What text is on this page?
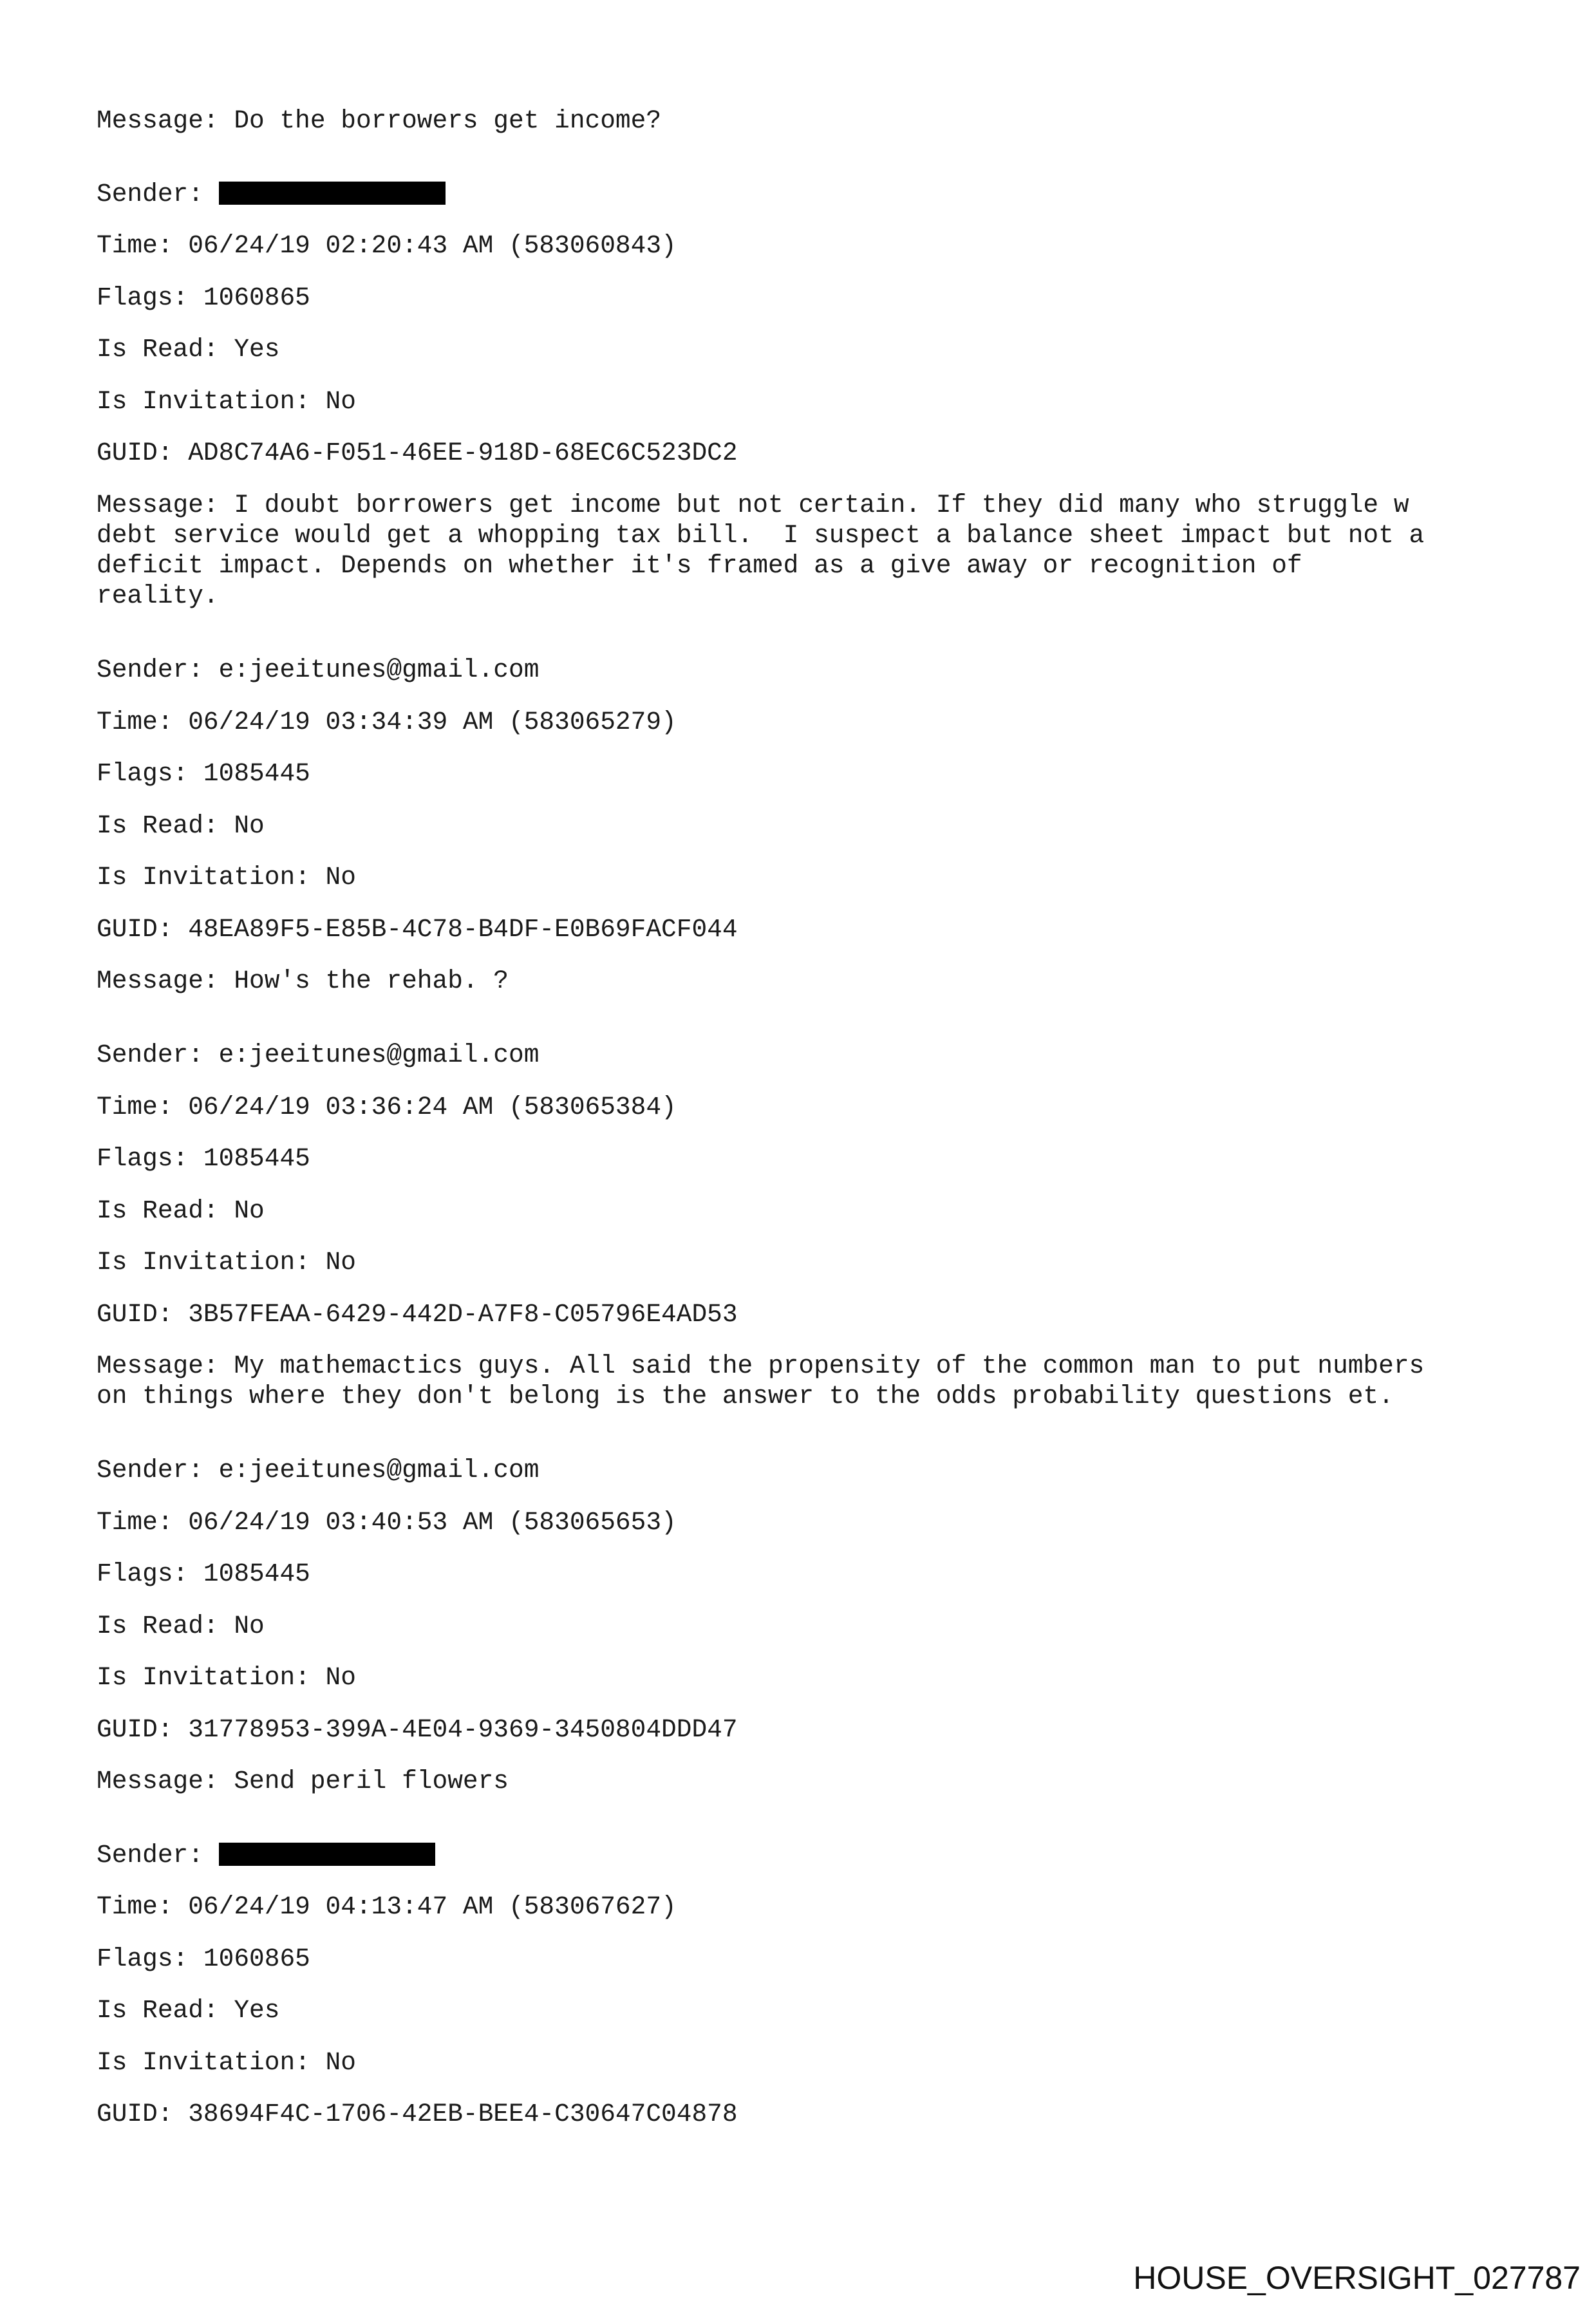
Message: Do the borrowers get income?
Sender:
Time: 06/24/19 02:20:43 AM (583060843)
Flags: 1060865
Is Read: Yes
Is Invitation: No
GUID: AD8C74A6-F051-46EE-918D-68EC6C523DC2
Message: I doubt borrowers get income but not certain. If they did many who struggle w
debt service would get a whopping tax bill.  I suspect a balance sheet impact but not a
deficit impact. Depends on whether it's framed as a give away or recognition of
reality.
Sender: e:jeeitunes@gmail.com
Time: 06/24/19 03:34:39 AM (583065279)
Flags: 1085445
Is Read: No
Is Invitation: No
GUID: 48EA89F5-E85B-4C78-B4DF-E0B69FACF044
Message: How's the rehab. ?
Sender: e:jeeitunes@gmail.com
Time: 06/24/19 03:36:24 AM (583065384)
Flags: 1085445
Is Read: No
Is Invitation: No
GUID: 3B57FEAA-6429-442D-A7F8-C05796E4AD53
Message: My mathemactics guys. All said the propensity of the common man to put numbers
on things where they don't belong is the answer to the odds probability questions et.
Sender: e:jeeitunes@gmail.com
Time: 06/24/19 03:40:53 AM (583065653)
Flags: 1085445
Is Read: No
Is Invitation: No
GUID: 31778953-399A-4E04-9369-3450804DDD47
Message: Send peril flowers
Sender:
Time: 06/24/19 04:13:47 AM (583067627)
Flags: 1060865
Is Read: Yes
Is Invitation: No
GUID: 38694F4C-1706-42EB-BEE4-C30647C04878
HOUSE_OVERSIGHT_027787
